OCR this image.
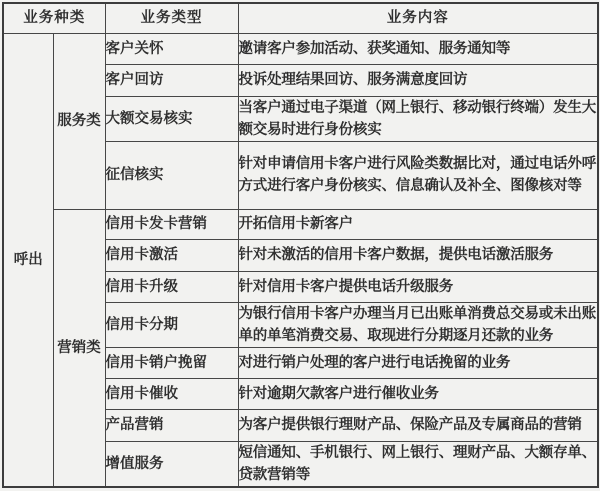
业务种类		业务类型	业务内容
呼出	服务类	客户关怀	邀请客户参加活动、获奖通知、服务通知等
		客户回访	投诉处理结果回访、服务满意度回访
		大额交易核实	当客户通过电子渠道（网上银行、移动银行终端）发生大额交易时进行身份核实
		征信核实	针对申请信用卡客户进行风险类数据比对，通过电话外呼方式进行客户身份核实、信息确认及补全、图像核对等
	营销类	信用卡发卡营销	开拓信用卡新客户
		信用卡激活	针对未激活的信用卡客户数据，提供电话激活服务
		信用卡升级	针对信用卡客户提供电话升级服务
		信用卡分期	为银行信用卡客户办理当月已出账单消费总交易或未出账单的单笔消费交易、取现进行分期逐月还款的业务
		信用卡销户挽留	对进行销户处理的客户进行电话挽留的业务
		信用卡催收	针对逾期欠款客户进行催收业务
		产品营销	为客户提供银行理财产品、保险产品及专属商品的营销
		增值服务	短信通知、手机银行、网上银行、理财产品、大额存单、贷款营销等
